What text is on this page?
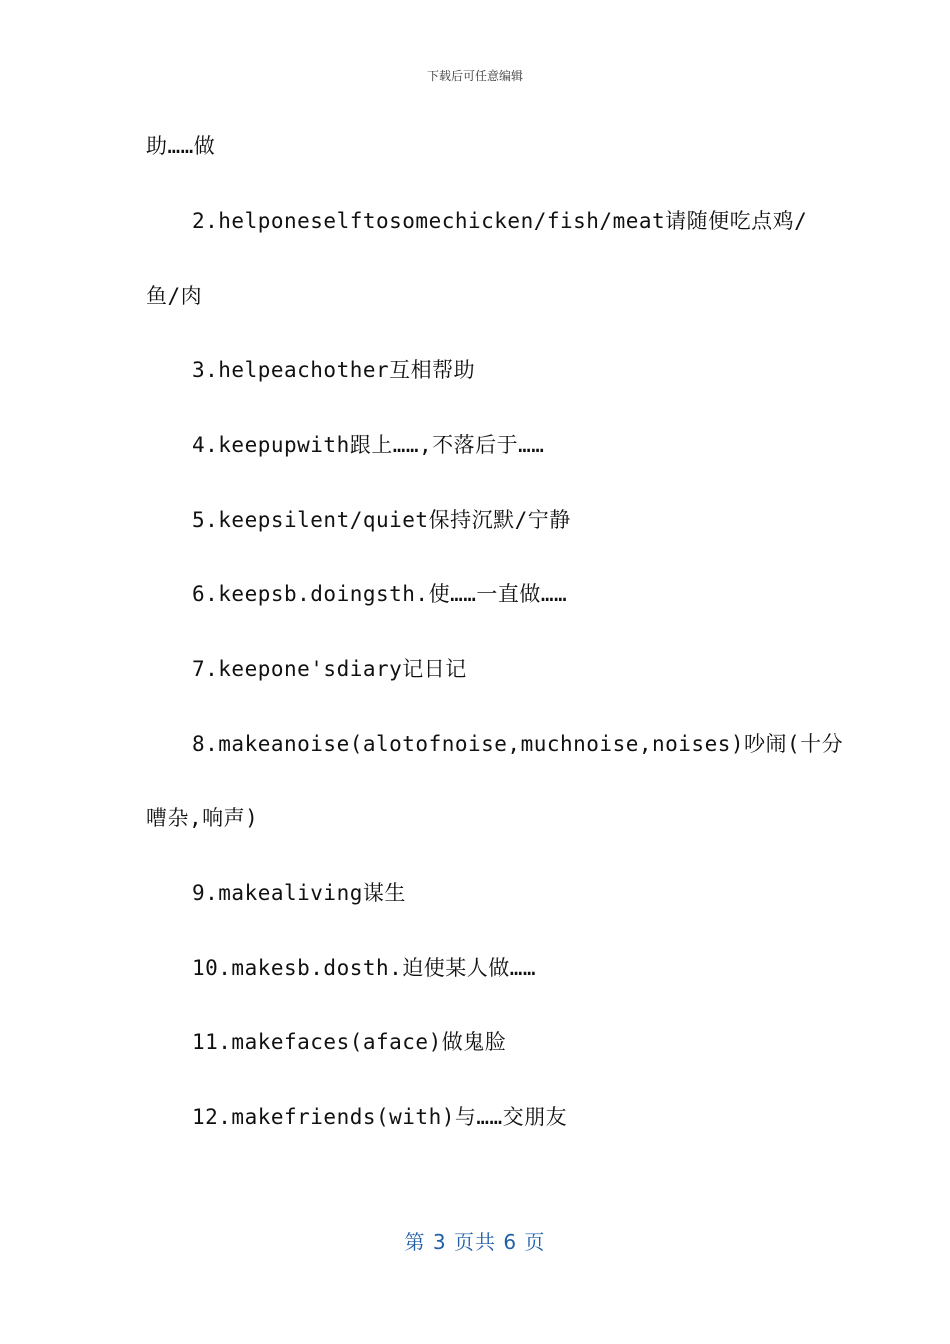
下载后可任意编辑
助……做
2.helponeselftosomechicken/fish/meat请随便吃点鸡/
鱼/肉
3.helpeachother互相帮助
4.keepupwith跟上……,不落后于……
5.keepsilent/quiet保持沉默/宁静
6.keepsb.doingsth.使……一直做……
7.keepone'sdiary记日记
8.makeanoise(alotofnoise,muchnoise,noises)吵闹(十分
嘈杂,响声)
9.makealiving谋生
10.makesb.dosth.迫使某人做……
11.makefaces(aface)做鬼脸
12.makefriends(with)与……交朋友
第 3 页共 6 页
